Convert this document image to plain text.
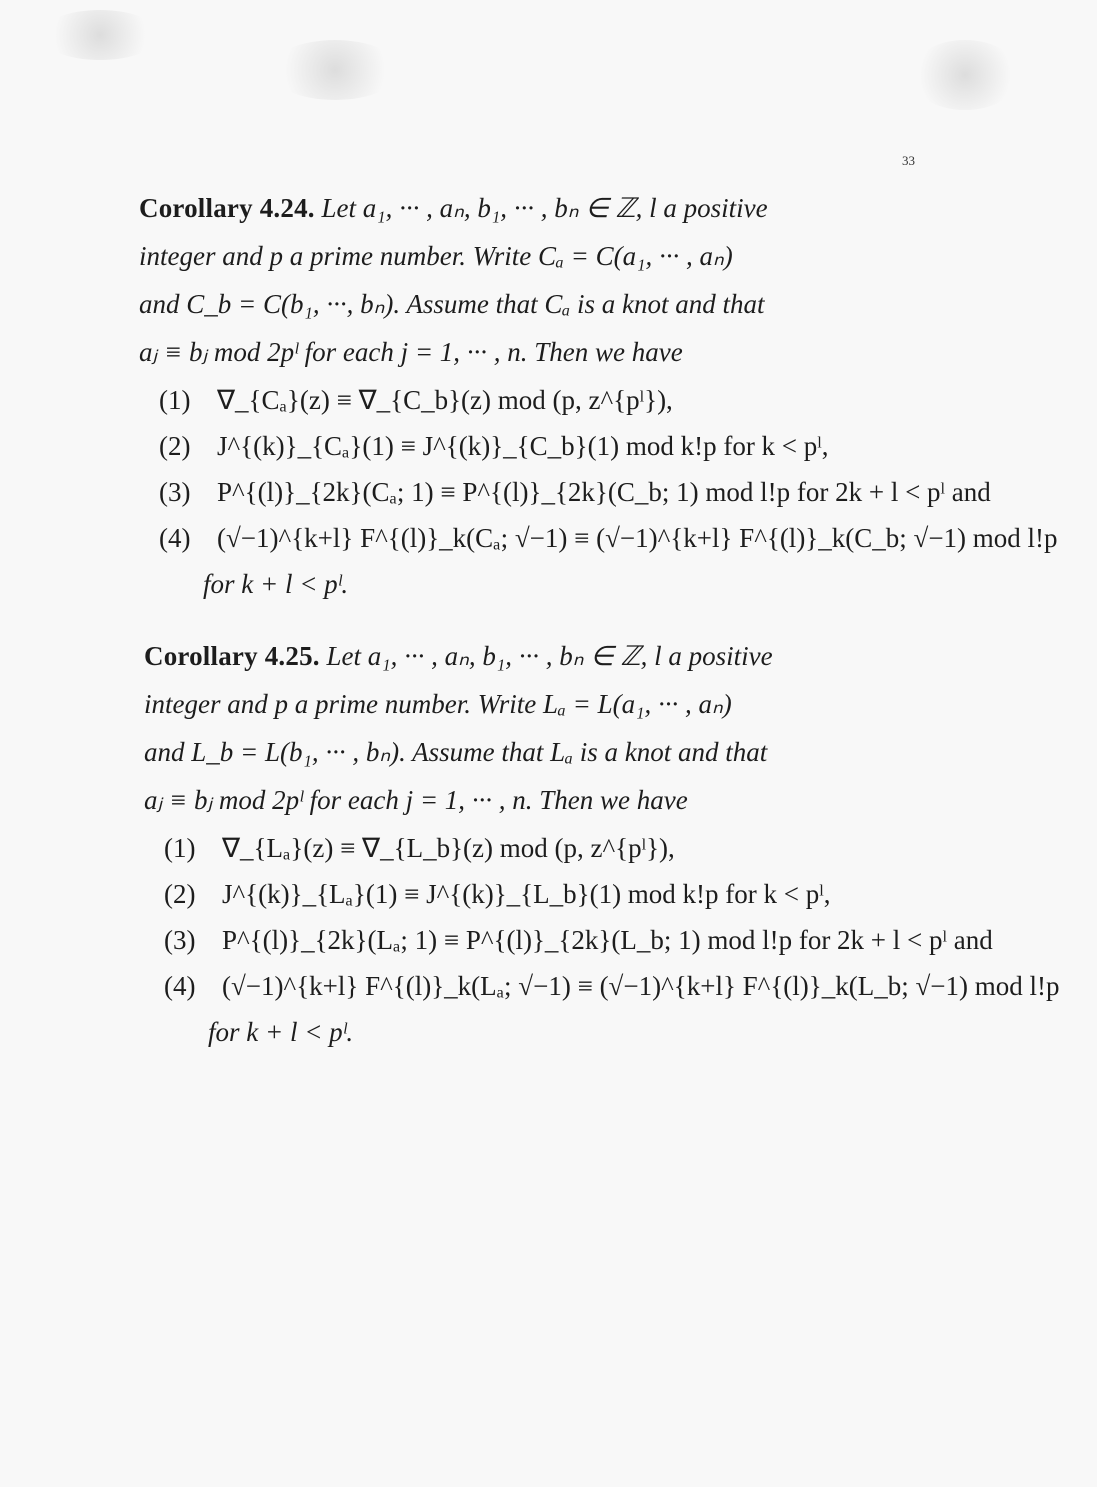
33
Corollary 4.24. Let a₁, ··· , aₙ, b₁, ··· , bₙ ∈ ℤ, l a positive
integer and p a prime number. Write Cₐ = C(a₁, ··· , aₙ)
and C_b = C(b₁, ···, bₙ). Assume that Cₐ is a knot and that
aⱼ ≡ bⱼ mod 2pˡ for each j = 1, ··· , n. Then we have
(1) ∇_{Cₐ}(z) ≡ ∇_{C_b}(z) mod (p, z^{pˡ}),
(2) J^{(k)}_{Cₐ}(1) ≡ J^{(k)}_{C_b}(1) mod k!p for k < pˡ,
(3) P^{(l)}_{2k}(Cₐ; 1) ≡ P^{(l)}_{2k}(C_b; 1) mod l!p for 2k + l < pˡ and
(4) (√−1)^{k+l} F^{(l)}_k(Cₐ; √−1) ≡ (√−1)^{k+l} F^{(l)}_k(C_b; √−1) mod l!p
for k + l < pˡ.
Corollary 4.25. Let a₁, ··· , aₙ, b₁, ··· , bₙ ∈ ℤ, l a positive
integer and p a prime number. Write Lₐ = L(a₁, ··· , aₙ)
and L_b = L(b₁, ··· , bₙ). Assume that Lₐ is a knot and that
aⱼ ≡ bⱼ mod 2pˡ for each j = 1, ··· , n. Then we have
(1) ∇_{Lₐ}(z) ≡ ∇_{L_b}(z) mod (p, z^{pˡ}),
(2) J^{(k)}_{Lₐ}(1) ≡ J^{(k)}_{L_b}(1) mod k!p for k < pˡ,
(3) P^{(l)}_{2k}(Lₐ; 1) ≡ P^{(l)}_{2k}(L_b; 1) mod l!p for 2k + l < pˡ and
(4) (√−1)^{k+l} F^{(l)}_k(Lₐ; √−1) ≡ (√−1)^{k+l} F^{(l)}_k(L_b; √−1) mod l!p
for k + l < pˡ.
